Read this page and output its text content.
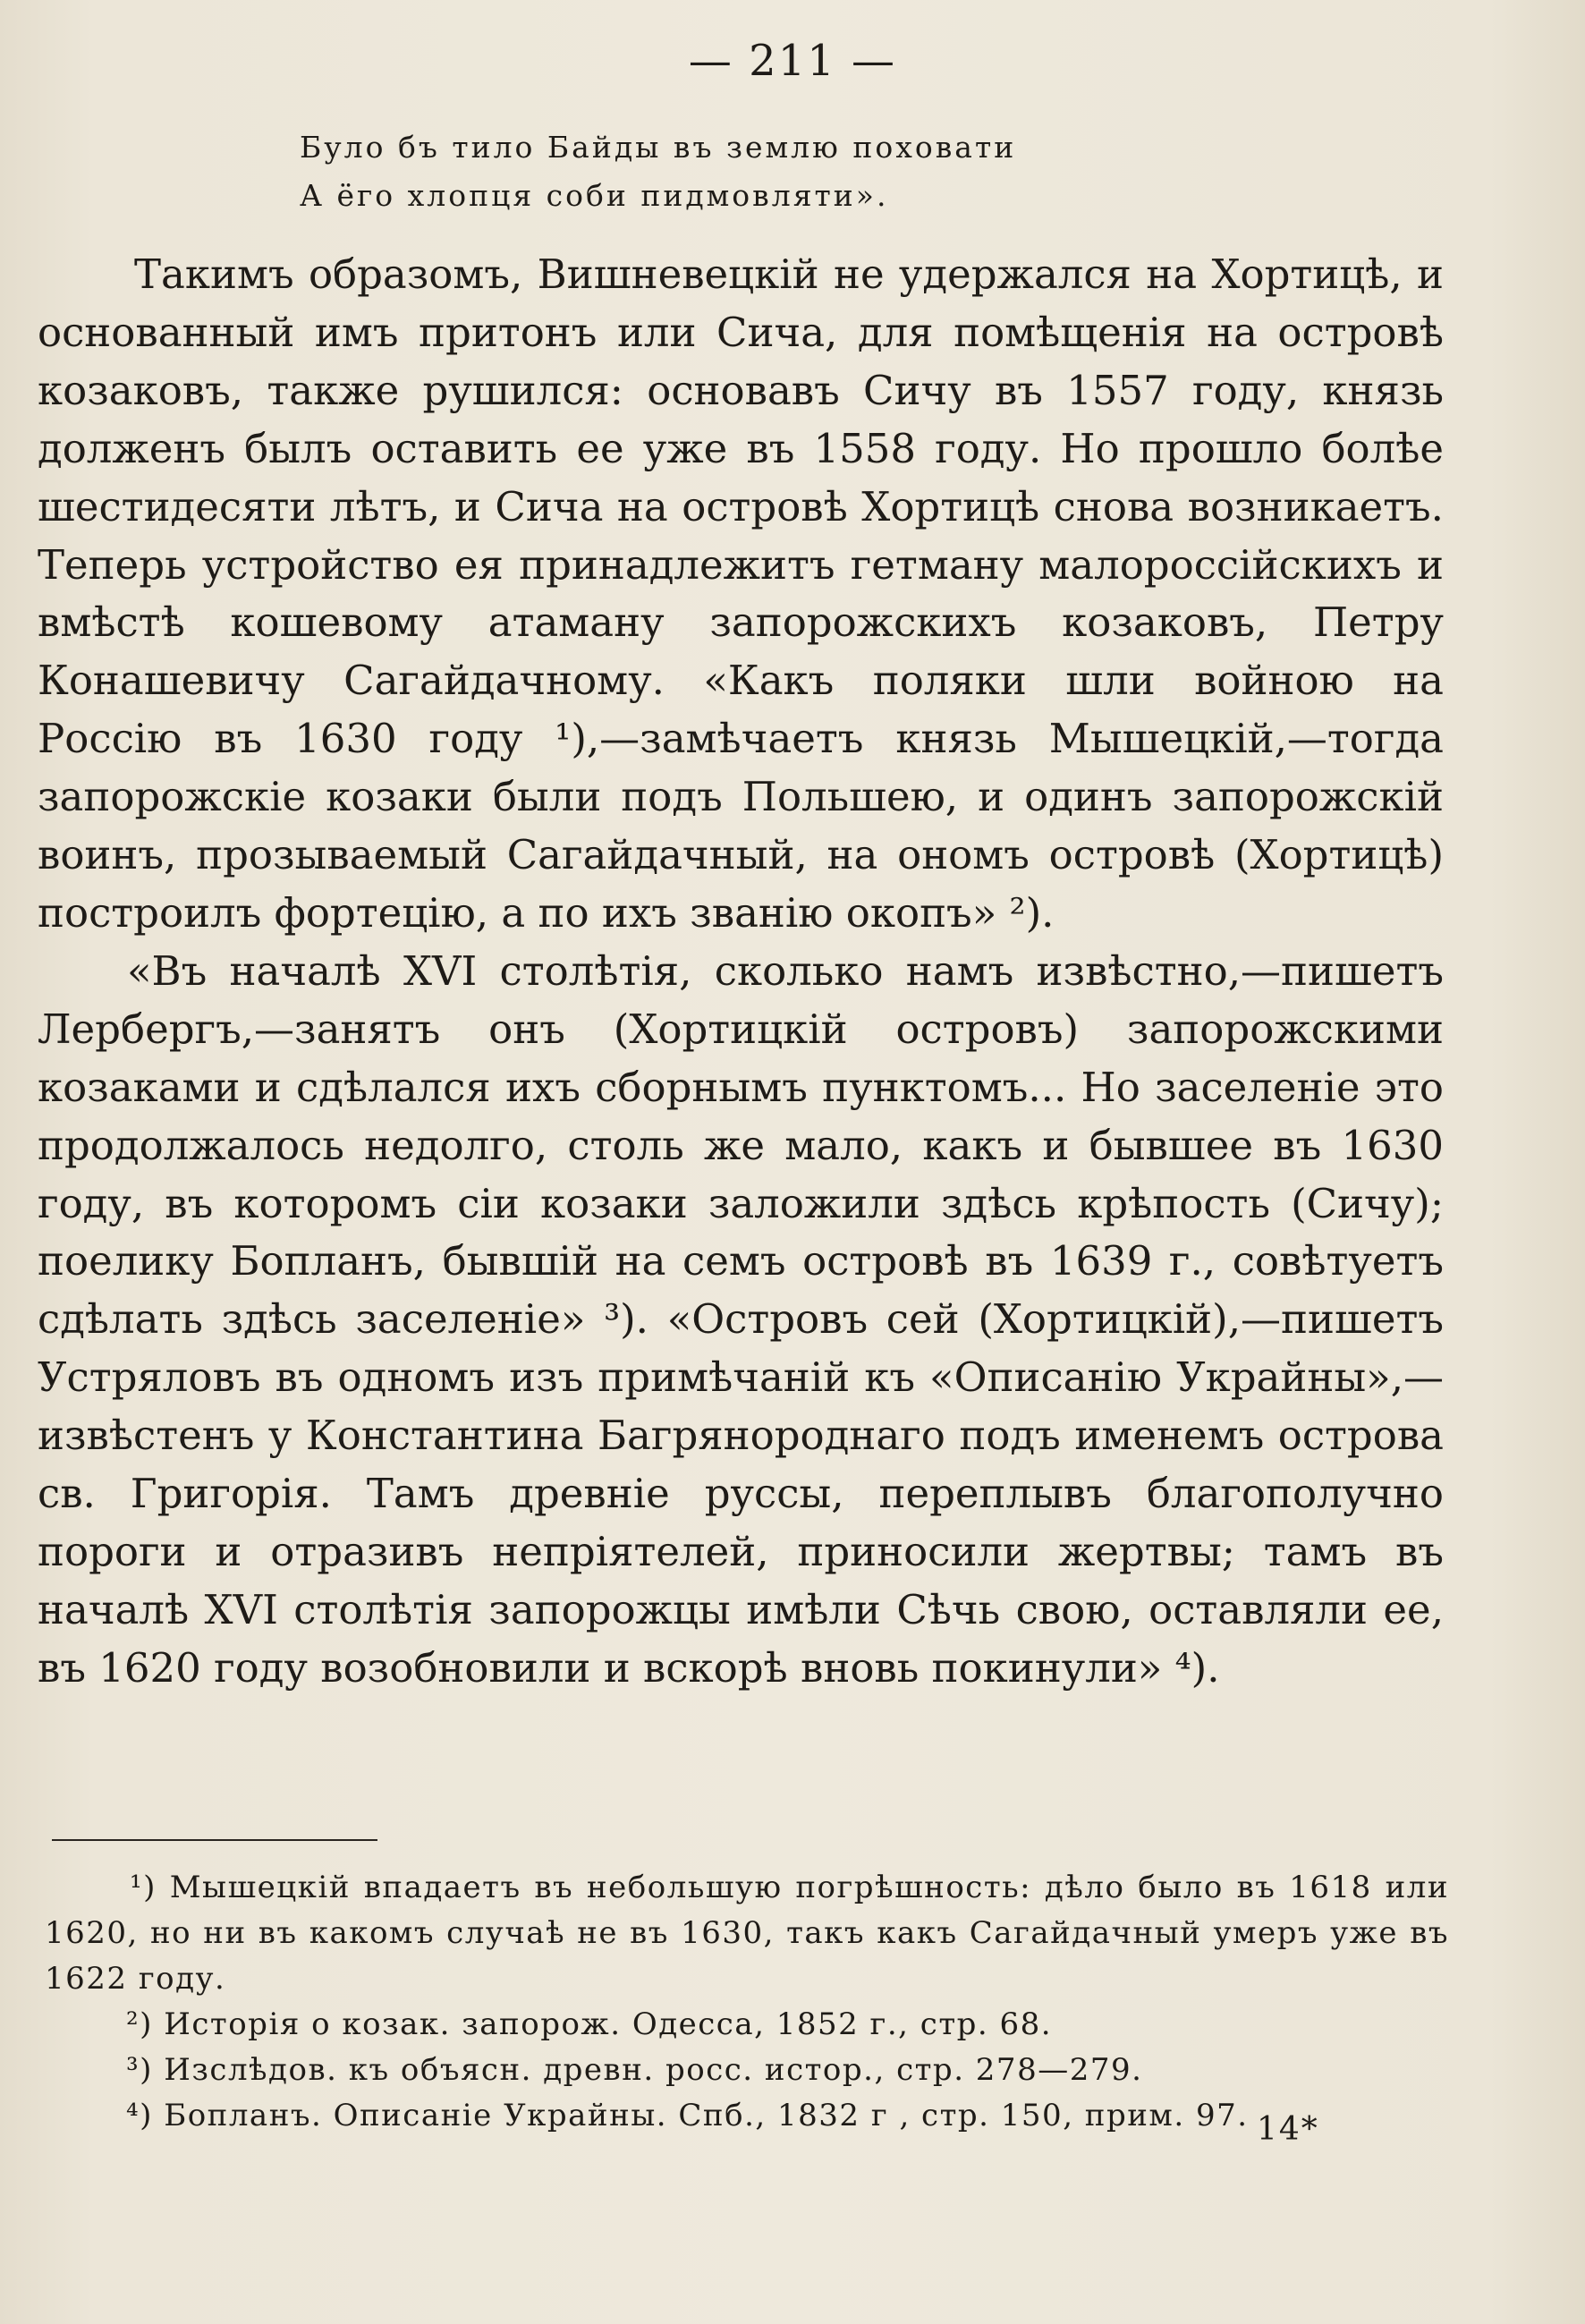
— 211 —
Було бъ тило Байды въ землю поховати
А ёго хлопця соби пидмовляти».

Такимъ образомъ, Вишневецкій не удержался на Хортицѣ, и основанный имъ притонъ или Сича, для помѣщенія на островѣ козаковъ, также рушился: основавъ Сичу въ 1557 году, князь долженъ былъ оставить ее уже въ 1558 году. Но прошло болѣе шестидесяти лѣтъ, и Сича на островѣ Хортицѣ снова возникаетъ. Теперь устройство ея принадлежитъ гетману малороссійскихъ и вмѣстѣ кошевому атаману запорожскихъ козаковъ, Петру Конашевичу Сагайдачному. «Какъ поляки шли войною на Россію въ 1630 году ¹),—замѣчаетъ князь Мышецкій,—тогда запорожскіе козаки были подъ Польшею, и одинъ запорожскій воинъ, прозываемый Сагайдачный, на ономъ островѣ (Хортицѣ) построилъ фортецію, а по ихъ званію окопъ» ²).

«Въ началѣ XVI столѣтія, сколько намъ извѣстно,—пишетъ Лербергъ,—занятъ онъ (Хортицкій островъ) запорожскими козаками и сдѣлался ихъ сборнымъ пунктомъ... Но заселеніе это продолжалось недолго, столь же мало, какъ и бывшее въ 1630 году, въ которомъ сіи козаки заложили здѣсь крѣпость (Сичу); поелику Бопланъ, бывшій на семъ островѣ въ 1639 г., совѣтуетъ сдѣлать здѣсь заселеніе» ³). «Островъ сей (Хортицкій),—пишетъ Устряловъ въ одномъ изъ примѣчаній къ «Описанію Украйны»,—извѣстенъ у Константина Багрянороднаго подъ именемъ острова св. Григорія. Тамъ древніе руссы, переплывъ благополучно пороги и отразивъ непріятелей, приносили жертвы; тамъ въ началѣ XVI столѣтія запорожцы имѣли Сѣчь свою, оставляли ее, въ 1620 году возобновили и вскорѣ вновь покинули» ⁴).

¹) Мышецкій впадаетъ въ небольшую погрѣшность: дѣло было въ 1618 или 1620, но ни въ какомъ случаѣ не въ 1630, такъ какъ Сагайдачный умеръ уже въ 1622 году.

²) Исторія о козак. запорож. Одесса, 1852 г., стр. 68.

³) Изслѣдов. къ объясн. древн. росс. истор., стр. 278—279.

⁴) Бопланъ. Описаніе Украйны. Спб., 1832 г , стр. 150, прим. 97. 14*
